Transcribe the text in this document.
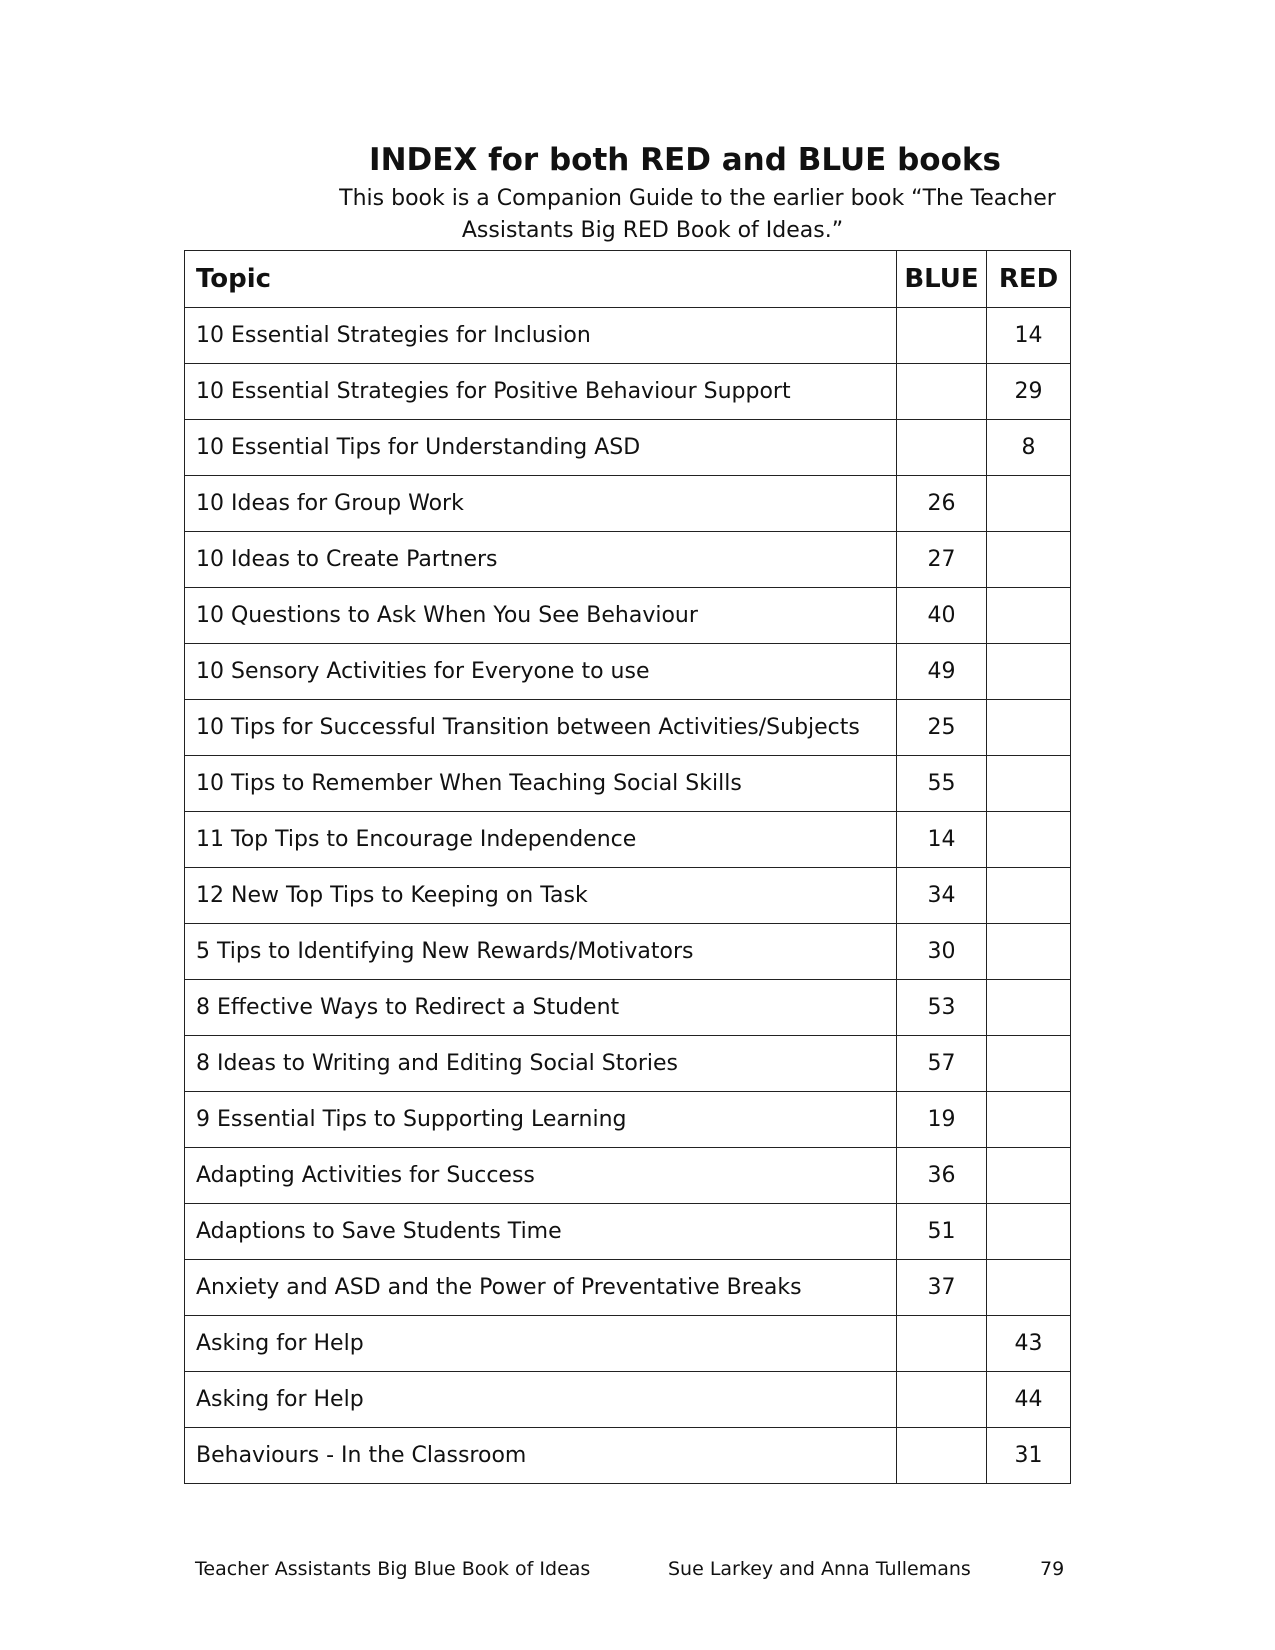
INDEX for both RED and BLUE books

This book is a Companion Guide to the earlier book “The Teacher

Assistants Big RED Book of Ideas.”

Topic	BLUE	RED
10 Essential Strategies for Inclusion		14
10 Essential Strategies for Positive Behaviour Support		29
10 Essential Tips for Understanding ASD		8
10 Ideas for Group Work	26	
10 Ideas to Create Partners	27	
10 Questions to Ask When You See Behaviour	40	
10 Sensory Activities for Everyone to use	49	
10 Tips for Successful Transition between Activities/Subjects	25	
10 Tips to Remember When Teaching Social Skills	55	
11 Top Tips to Encourage Independence	14	
12 New Top Tips to Keeping on Task	34	
5 Tips to Identifying New Rewards/Motivators	30	
8 Effective Ways to Redirect a Student	53	
8 Ideas to Writing and Editing Social Stories	57	
9 Essential Tips to Supporting Learning	19	
Adapting Activities for Success	36	
Adaptions to Save Students Time	51	
Anxiety and ASD and the Power of Preventative Breaks	37	
Asking for Help		43
Asking for Help		44
Behaviours - In the Classroom		31

Teacher Assistants Big Blue Book of Ideas	Sue Larkey and Anna Tullemans	79
